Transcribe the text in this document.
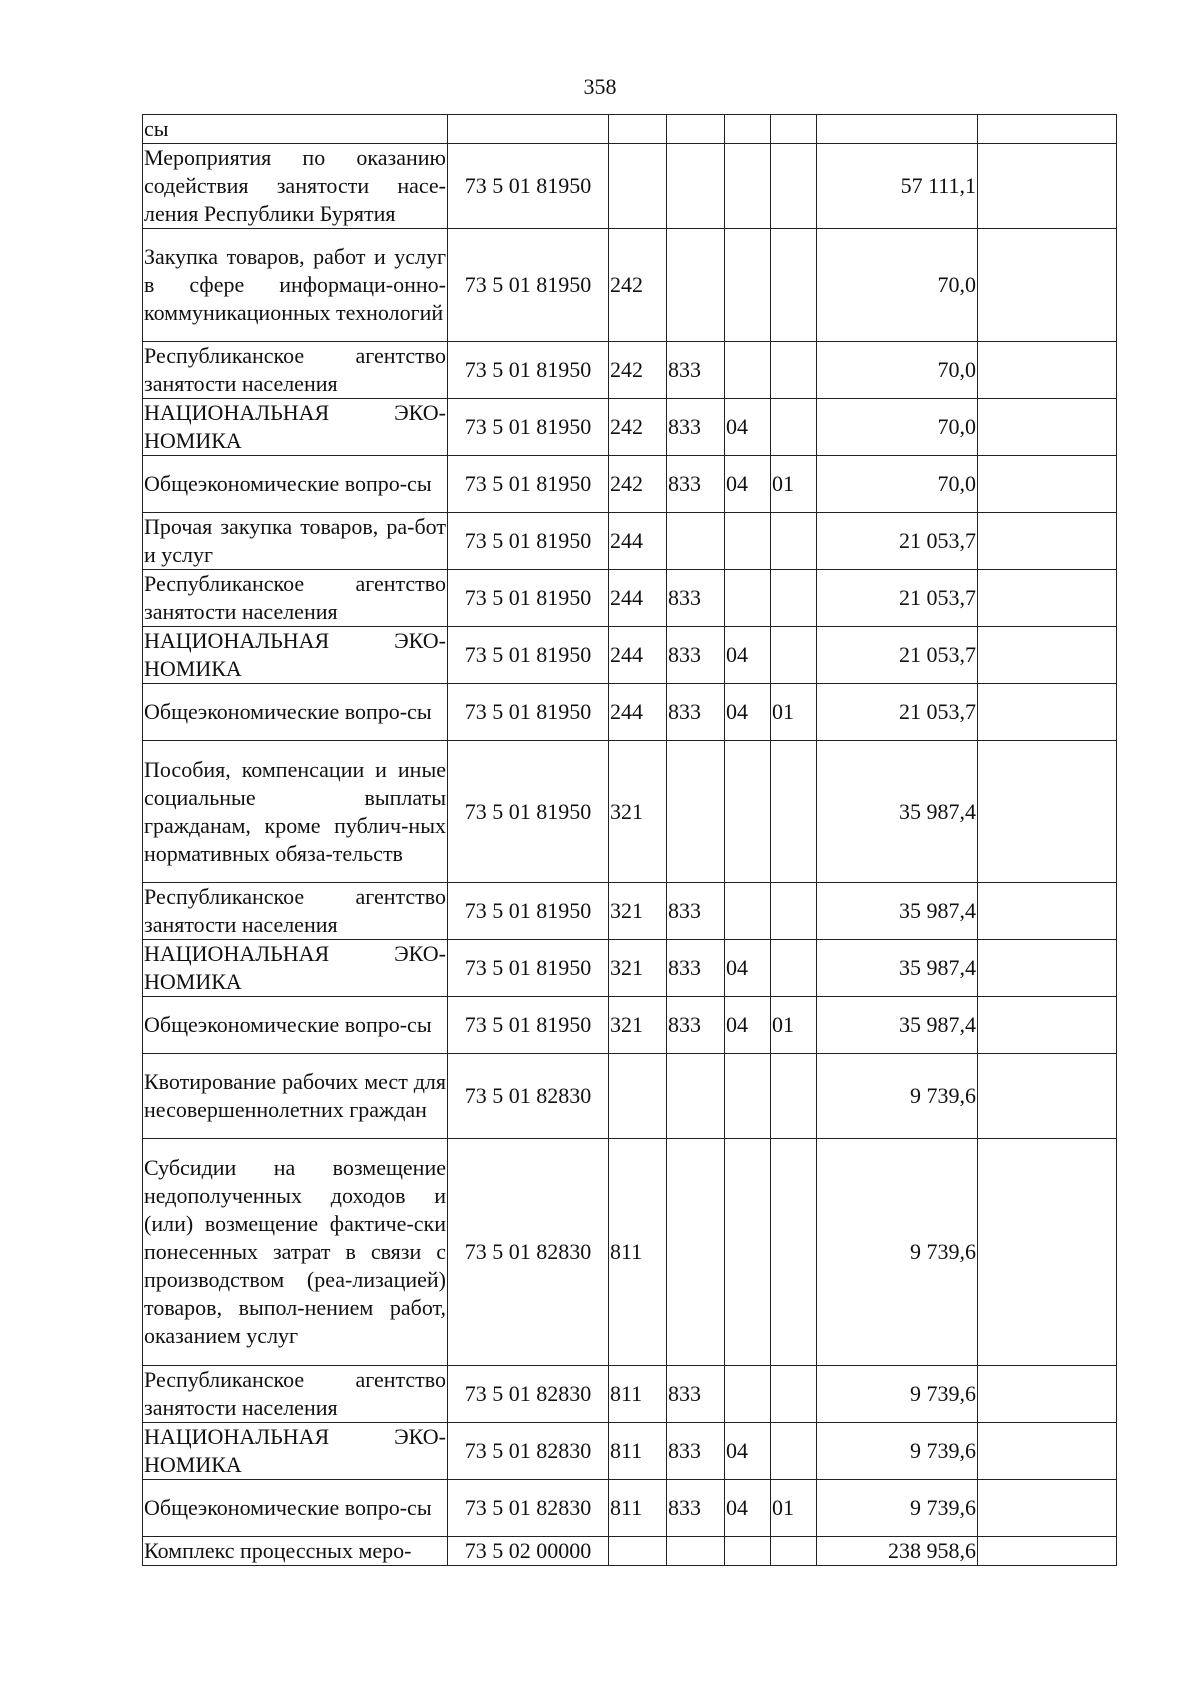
358
сы							
Мероприятия по оказанию содействия занятости насе-ления Республики Бурятия	73 5 01 81950					57 111,1	
Закупка товаров, работ и услуг в сфере информаци-онно-коммуникационных технологий	73 5 01 81950	242				70,0	
Республиканское агентство занятости населения	73 5 01 81950	242	833			70,0	
НАЦИОНАЛЬНАЯ ЭКО-НОМИКА	73 5 01 81950	242	833	04		70,0	
Общеэкономические вопро-сы	73 5 01 81950	242	833	04	01	70,0	
Прочая закупка товаров, ра-бот и услуг	73 5 01 81950	244				21 053,7	
Республиканское агентство занятости населения	73 5 01 81950	244	833			21 053,7	
НАЦИОНАЛЬНАЯ ЭКО-НОМИКА	73 5 01 81950	244	833	04		21 053,7	
Общеэкономические вопро-сы	73 5 01 81950	244	833	04	01	21 053,7	
Пособия, компенсации и иные социальные выплаты гражданам, кроме публич-ных нормативных обяза-тельств	73 5 01 81950	321				35 987,4	
Республиканское агентство занятости населения	73 5 01 81950	321	833			35 987,4	
НАЦИОНАЛЬНАЯ ЭКО-НОМИКА	73 5 01 81950	321	833	04		35 987,4	
Общеэкономические вопро-сы	73 5 01 81950	321	833	04	01	35 987,4	
Квотирование рабочих мест для несовершеннолетних граждан	73 5 01 82830					9 739,6	
Субсидии на возмещение недополученных доходов и (или) возмещение фактиче-ски понесенных затрат в связи с производством (реа-лизацией) товаров, выпол-нением работ, оказанием услуг	73 5 01 82830	811				9 739,6	
Республиканское агентство занятости населения	73 5 01 82830	811	833			9 739,6	
НАЦИОНАЛЬНАЯ ЭКО-НОМИКА	73 5 01 82830	811	833	04		9 739,6	
Общеэкономические вопро-сы	73 5 01 82830	811	833	04	01	9 739,6	
Комплекс процессных меро-	73 5 02 00000					238 958,6	
